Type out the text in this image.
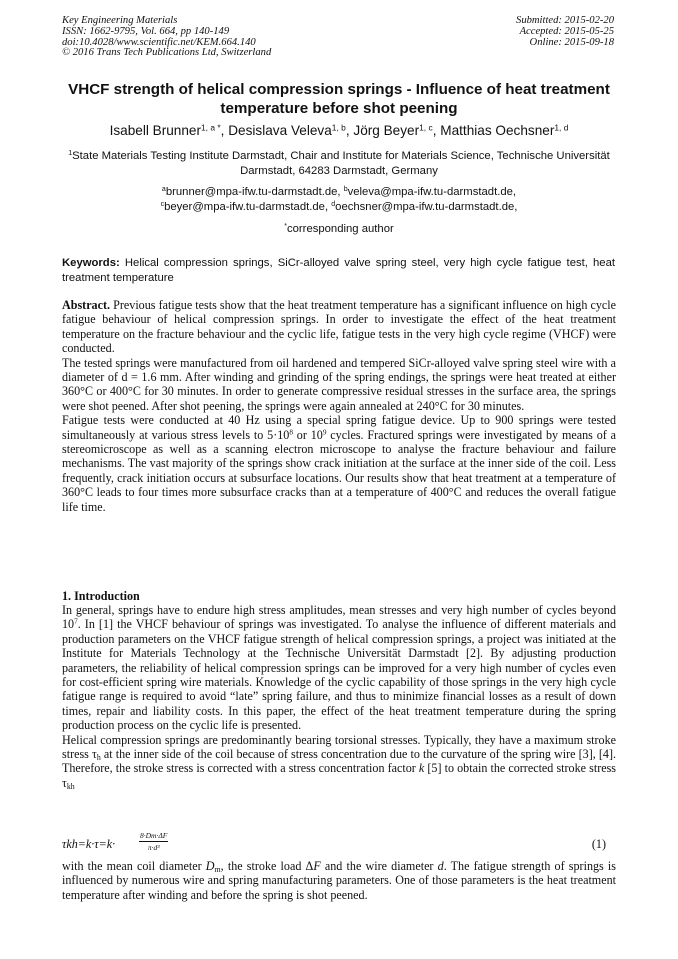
Key Engineering Materials
ISSN: 1662-9795, Vol. 664, pp 140-149
doi:10.4028/www.scientific.net/KEM.664.140
© 2016 Trans Tech Publications Ltd, Switzerland
Submitted: 2015-02-20
Accepted: 2015-05-25
Online: 2015-09-18
VHCF strength of helical compression springs - Influence of heat treatment temperature before shot peening
Isabell Brunner$^{1, a *}$, Desislava Veleva$^{1, b}$, Jörg Beyer$^{1, c}$, Matthias Oechsner$^{1, d}$
$^1$State Materials Testing Institute Darmstadt, Chair and Institute for Materials Science, Technische Universität Darmstadt, 64283 Darmstadt, Germany
$^a$brunner@mpa-ifw.tu-darmstadt.de, $^b$veleva@mpa-ifw.tu-darmstadt.de,
$^c$beyer@mpa-ifw.tu-darmstadt.de, $^d$oechsner@mpa-ifw.tu-darmstadt.de,
*corresponding author
Keywords: Helical compression springs, SiCr-alloyed valve spring steel, very high cycle fatigue test, heat treatment temperature

Abstract. Previous fatigue tests show that the heat treatment temperature has a significant influence on high cycle fatigue behaviour of helical compression springs. In order to investigate the effect of the heat treatment temperature on the fracture behaviour and the cyclic life, fatigue tests in the very high cycle regime (VHCF) were conducted.

The tested springs were manufactured from oil hardened and tempered SiCr-alloyed valve spring steel wire with a diameter of d = 1.6 mm. After winding and grinding of the spring endings, the springs were heat treated at either 360°C or 400°C for 30 minutes. In order to generate compressive residual stresses in the surface area, the springs were shot peened. After shot peening, the springs were again annealed at 240°C for 30 minutes.

Fatigue tests were conducted at 40 Hz using a special spring fatigue device. Up to 900 springs were tested simultaneously at various stress levels to $5\cdot 10^8$ or $10^9$ cycles. Fractured springs were investigated by means of a stereomicroscope as well as a scanning electron microscope to analyse the fracture behaviour and failure mechanisms. The vast majority of the springs show crack initiation at the surface at the inner side of the coil. Less frequently, crack initiation occurs at subsurface locations. Our results show that heat treatment at a temperature of 360°C leads to four times more subsurface cracks than at a temperature of 400°C and reduces the overall fatigue life time.

1. Introduction

In general, springs have to endure high stress amplitudes, mean stresses and very high number of cycles beyond $10^7$. In [1] the VHCF behaviour of springs was investigated. To analyse the influence of different materials and production parameters on the VHCF fatigue strength of helical compression springs, a project was initiated at the Institute for Materials Technology at the Technische Universität Darmstadt [2]. By adjusting production parameters, the reliability of helical compression springs can be improved for a very high number of cycles even for cost-efficient spring wire materials. Knowledge of the cyclic capability of those springs in the very high cycle fatigue range is required to avoid “late” spring failure, and thus to minimize financial losses as a result of down times, repair and liability costs. In this paper, the effect of the heat treatment temperature during the spring production process on the cyclic life is presented.

Helical compression springs are predominantly bearing torsional stresses. Typically, they have a maximum stroke stress $\tau_h$ at the inner side of the coil because of stress concentration due to the curvature of the spring wire [3], [4]. Therefore, the stroke stress is corrected with a stress concentration factor k [5] to obtain the corrected stroke stress $\tau_{kh}$

τkh=k·τ=k·	$\frac{8\cdot Dm\cdot\Delta F}{\text{π·d³}}$	(1)

with the mean coil diameter $D_m$, the stroke load ΔF and the wire diameter d. The fatigue strength of springs is influenced by numerous wire and spring manufacturing parameters. One of those parameters is the heat treatment temperature after winding and before the spring is shot peened.
